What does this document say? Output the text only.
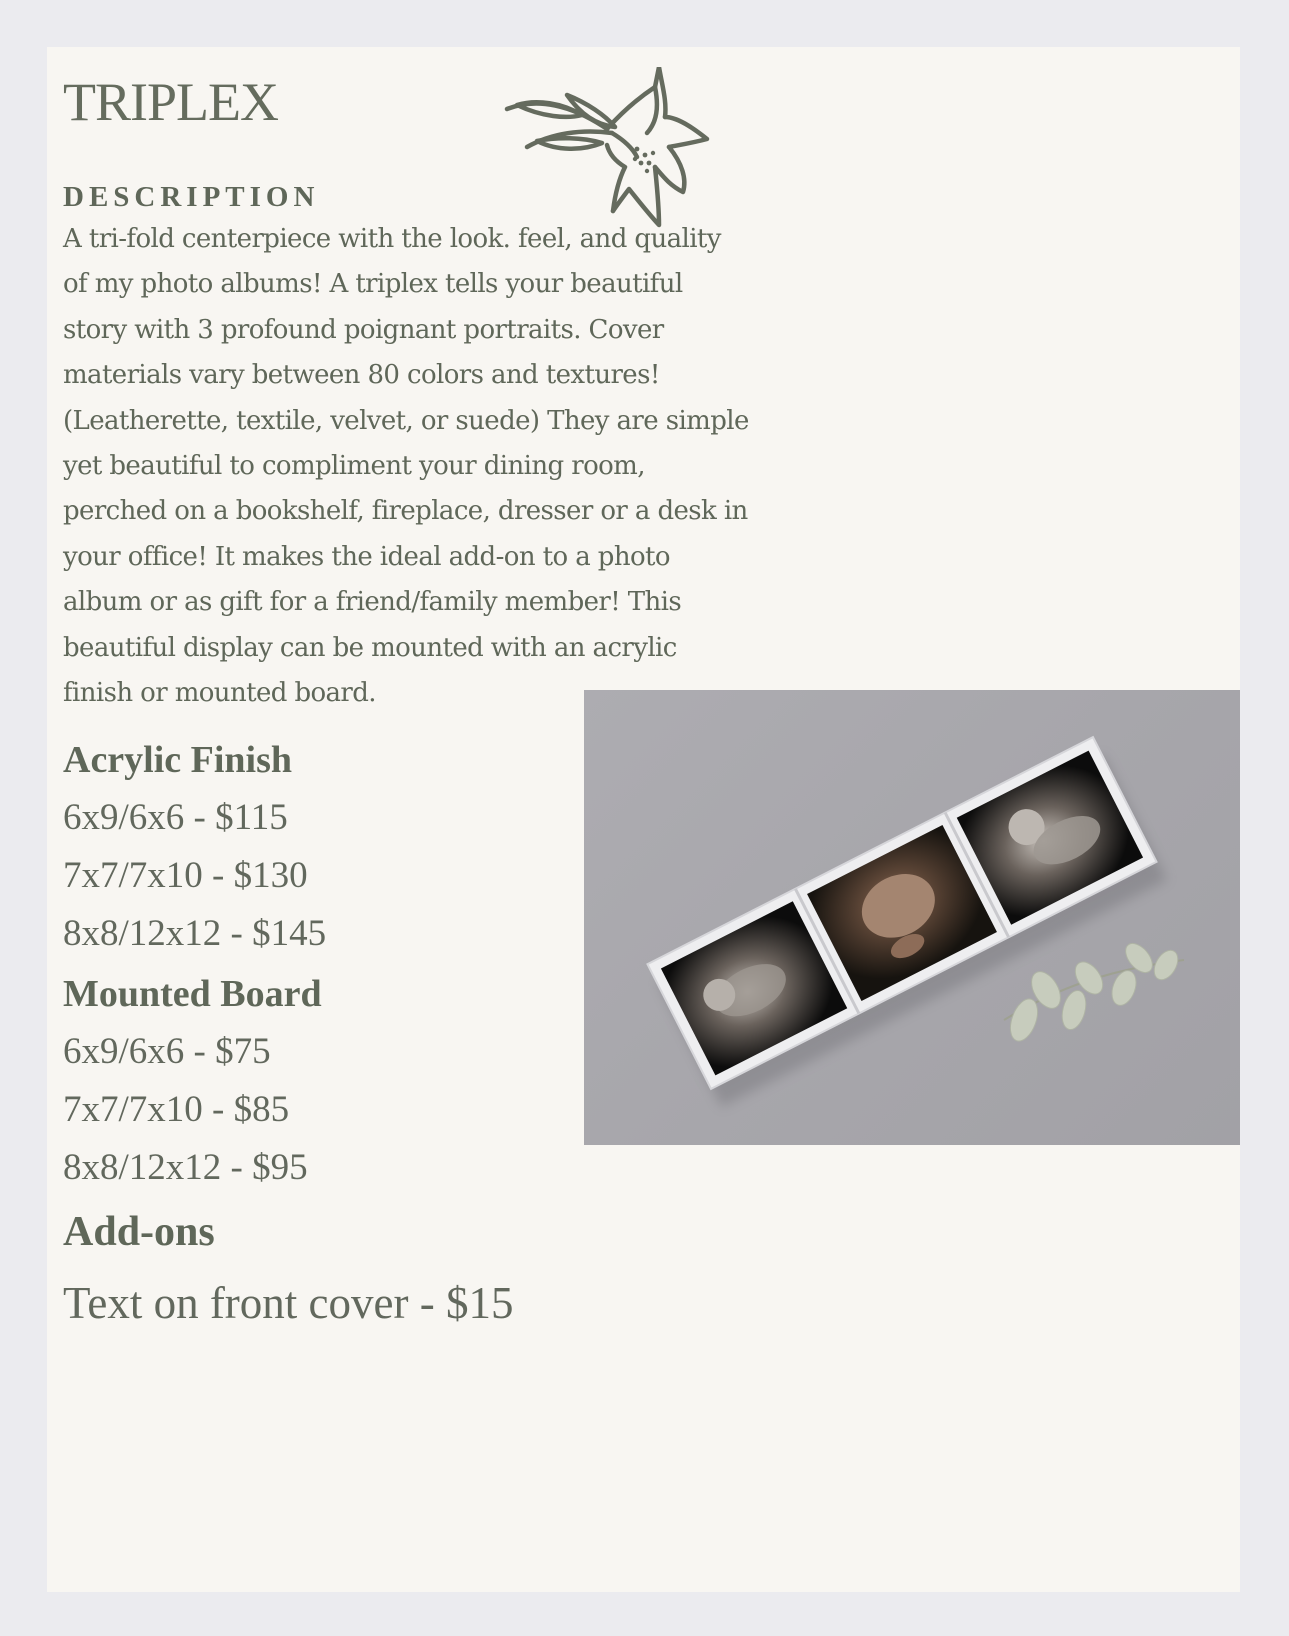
TRIPLEX
DESCRIPTION
A tri-fold centerpiece with the look. feel, and quality
of my photo albums! A triplex tells your beautiful
story with 3 profound poignant portraits. Cover
materials vary between 80 colors and textures!
(Leatherette, textile, velvet, or suede) They are simple
yet beautiful to compliment your dining room,
perched on a bookshelf, fireplace, dresser or a desk in
your office! It makes the ideal add-on to a photo
album or as gift for a friend/family member! This
beautiful display can be mounted with an acrylic
finish or mounted board.
Acrylic Finish
6x9/6x6 - $115
7x7/7x10 - $130
8x8/12x12 - $145
Mounted Board
6x9/6x6 - $75
7x7/7x10 - $85
8x8/12x12 - $95
Add-ons
Text on front cover - $15
